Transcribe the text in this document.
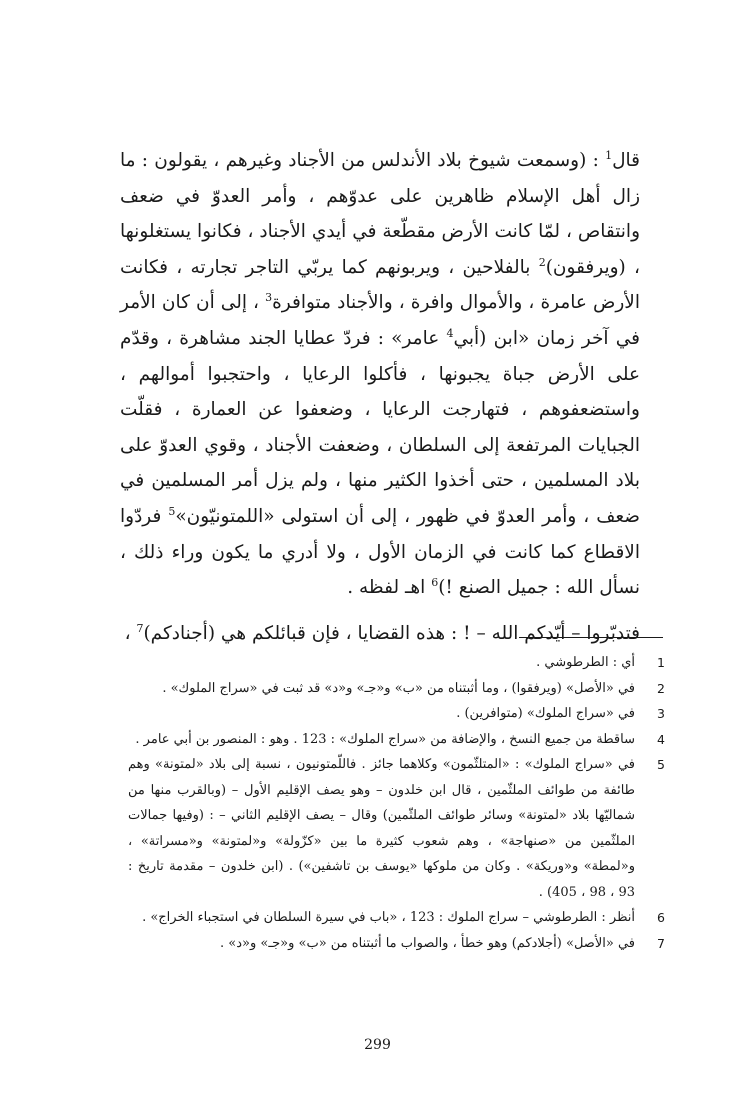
قال$^1$ : (وسمعت شيوخ بلاد الأندلس من الأجناد وغيرهم ، يقولون : ما زال أهل الإسلام ظاهرين على عدوّهم ، وأمر العدوّ في ضعف وانتقاص ، لمّا كانت الأرض مقطّعة في أيدي الأجناد ، فكانوا يستغلونها ، (ويرفقون)$^2$ بالفلاحين ، ويربونهم كما يربّي التاجر تجارته ، فكانت الأرض عامرة ، والأموال وافرة ، والأجناد متوافرة$^3$ ، إلى أن كان الأمر في آخر زمان «ابن (أبي$^4$ عامر» : فردّ عطايا الجند مشاهرة ، وقدّم على الأرض جباة يجبونها ، فأكلوا الرعايا ، واحتجبوا أموالهم ، واستضعفوهم ، فتهارجت الرعايا ، وضعفوا عن العمارة ، فقلّت الجبايات المرتفعة إلى السلطان ، وضعفت الأجناد ، وقوي العدوّ على بلاد المسلمين ، حتى أخذوا الكثير منها ، ولم يزل أمر المسلمين في ضعف ، وأمر العدوّ في ظهور ، إلى أن استولى «اللمتونيّون»$^5$ فردّوا الاقطاع كما كانت في الزمان الأول ، ولا أدري ما يكون وراء ذلك ، نسأل الله : جميل الصنع !)$^6$ اهـ لفظه .

فتدبّروا – أيّدكم الله – ! : هذه القضايا ، فإن قبائلكم هي (أجنادكم)$^7$ ،

1
أي : الطرطوشي .
2
في «الأصل» (ويرفقوا) ، وما أثبتناه من «ب» و«جـ» و«د» قد ثبت في «سراج الملوك» .
3
في «سراج الملوك» (متوافرين) .
4
ساقطة من جميع النسخ ، والإضافة من «سراج الملوك» : 123 . وهو : المنصور بن أبي عامر .
5
في «سراج الملوك» : «المتلثّمون» وكلاهما جائز . فاللّمتونيون ، نسبة إلى بلاد «لمتونة» وهم طائفة من طوائف الملثّمين ، قال ابن خلدون – وهو يصف الإقليم الأول – (وبالقرب منها من شماليّها بلاد «لمتونة» وسائر طوائف الملثّمين) وقال – يصف الإقليم الثاني – : (وفيها جمالات الملثّمين من «صنهاجة» ، وهم شعوب كثيرة ما بين «كزّولة» و«لمتونة» و«مسراتة» ، و«لمطة» و«وريكة» . وكان من ملوكها «يوسف بن تاشفين») . (ابن خلدون – مقدمة تاريخ : 93 ، 98 ، 405) .
6
أنظر : الطرطوشي – سراج الملوك : 123 ، «باب في سيرة السلطان في استجباء الخراج» .
7
في «الأصل» (أجلادكم) وهو خطأ ، والصواب ما أثبتناه من «ب» و«جـ» و«د» .
299
